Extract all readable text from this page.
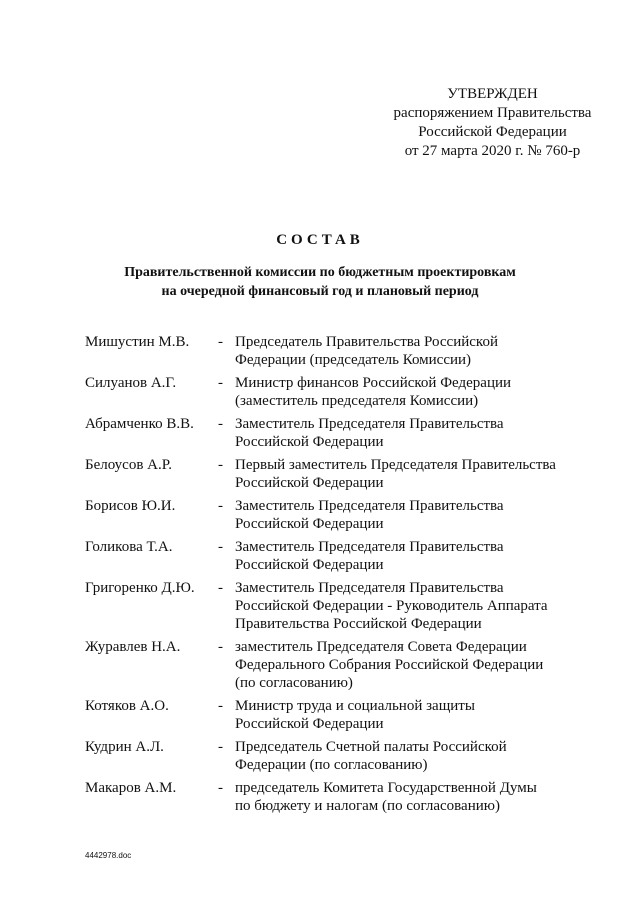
УТВЕРЖДЕН
распоряжением Правительства
Российской Федерации
от 27 марта 2020 г. № 760-р
СОСТАВ
Правительственной комиссии по бюджетным проектировкам
на очередной финансовый год и плановый период
Мишустин М.В.	- Председатель Правительства Российской
Федерации (председатель Комиссии)
Силуанов А.Г.	- Министр финансов Российской Федерации
(заместитель председателя Комиссии)
Абрамченко В.В.	- Заместитель Председателя Правительства
Российской Федерации
Белоусов А.Р.	- Первый заместитель Председателя Правительства
Российской Федерации
Борисов Ю.И.	- Заместитель Председателя Правительства
Российской Федерации
Голикова Т.А.	- Заместитель Председателя Правительства
Российской Федерации
Григоренко Д.Ю.	- Заместитель Председателя Правительства
Российской Федерации - Руководитель Аппарата
Правительства Российской Федерации
Журавлев Н.А.	- заместитель Председателя Совета Федерации
Федерального Собрания Российской Федерации
(по согласованию)
Котяков А.О.	- Министр труда и социальной защиты
Российской Федерации
Кудрин А.Л.	- Председатель Счетной палаты Российской
Федерации (по согласованию)
Макаров А.М.	- председатель Комитета Государственной Думы
по бюджету и налогам (по согласованию)
4442978.doc
